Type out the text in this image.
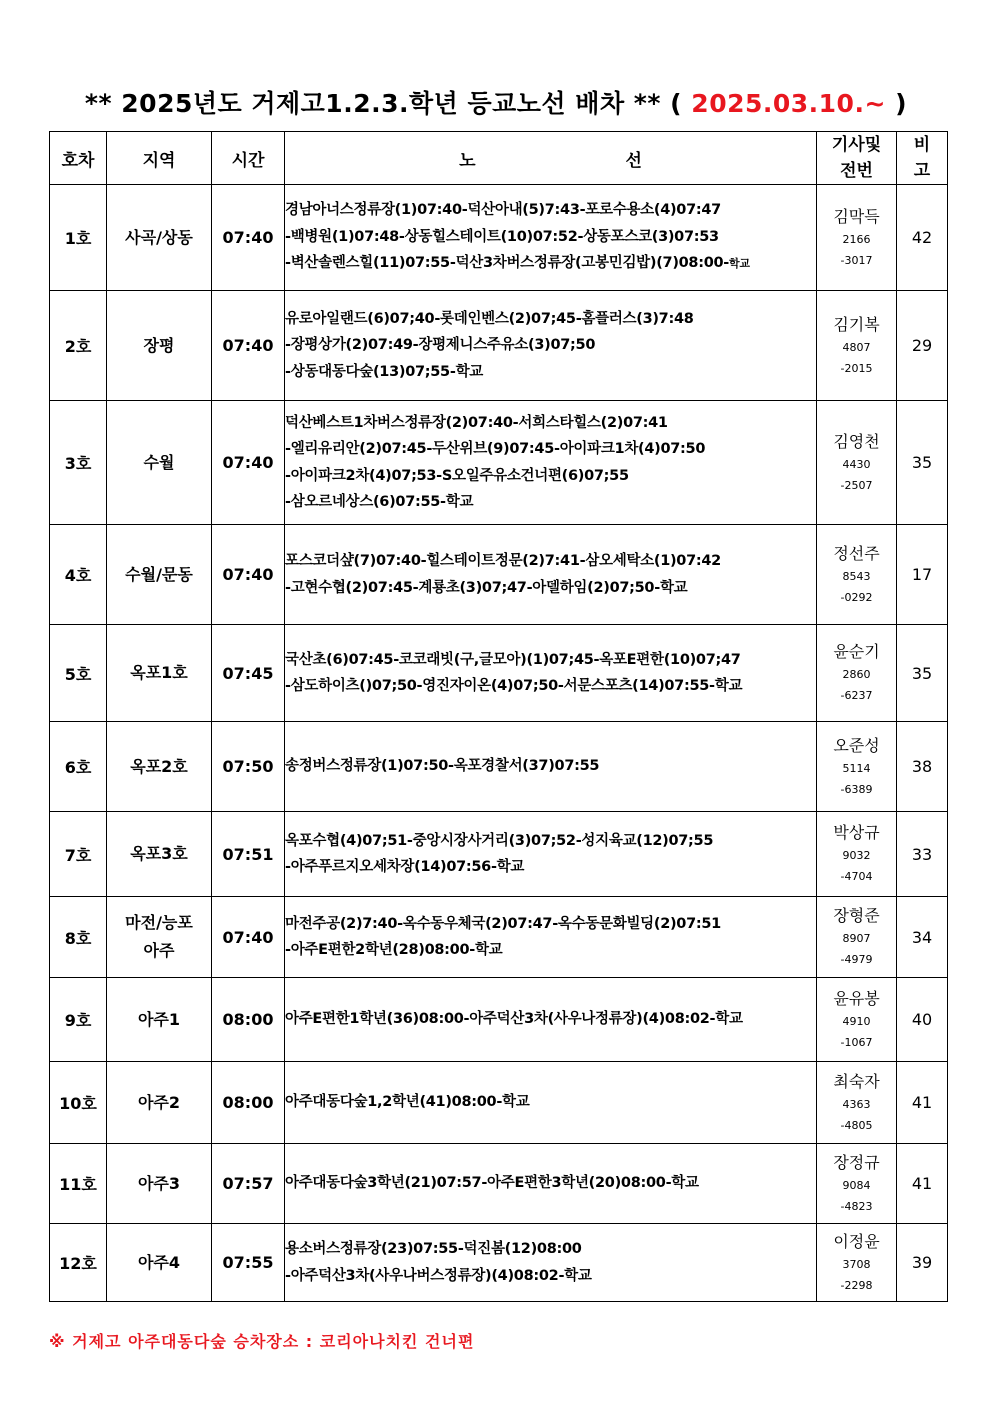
** 2025년도 거제고1.2.3.학년 등교노선 배차 ** ( 2025.03.10.~ )
호차	지역	시간	노 선	기사및
전번	비
고
1호	사곡/상동	07:40	경남아너스정류장(1)07:40-덕산아내(5)7:43-포로수용소(4)07:47
-백병원(1)07:48-상동힐스테이트(10)07:52-상동포스코(3)07:53
-벽산솔렌스힐(11)07:55-덕산3차버스정류장(고봉민김밥)(7)08:00-학교	김막득
2166
-3017	42
2호	장평	07:40	유로아일랜드(6)07;40-롯데인벤스(2)07;45-홈플러스(3)7:48
-장평상가(2)07:49-장평제니스주유소(3)07;50
-상동대동다숲(13)07;55-학교	김기복
4807
-2015	29
3호	수월	07:40	덕산베스트1차버스정류장(2)07:40-서희스타힐스(2)07:41
-엘리유리안(2)07:45-두산위브(9)07:45-아이파크1차(4)07:50
-아이파크2차(4)07;53-S오일주유소건너편(6)07;55
-삼오르네상스(6)07:55-학교	김영천
4430
-2507	35
4호	수월/문동	07:40	포스코더샾(7)07:40-힐스테이트정문(2)7:41-삼오세탁소(1)07:42
-고현수협(2)07:45-계룡초(3)07;47-아델하임(2)07;50-학교	정선주
8543
-0292	17
5호	옥포1호	07:45	국산초(6)07:45-코코래빗(구,글모아)(1)07;45-옥포E편한(10)07;47
-삼도하이츠()07;50-영진자이온(4)07;50-서문스포츠(14)07:55-학교	윤순기
2860
-6237	35
6호	옥포2호	07:50	송정버스정류장(1)07:50-옥포경찰서(37)07:55	오준성
5114
-6389	38
7호	옥포3호	07:51	옥포수협(4)07;51-중앙시장사거리(3)07;52-성지육교(12)07;55
-아주푸르지오세차장(14)07:56-학교	박상규
9032
-4704	33
8호	마전/능포
아주	07:40	마전주공(2)7:40-옥수동우체국(2)07:47-옥수동문화빌딩(2)07:51
-아주E편한2학년(28)08:00-학교	장형준
8907
-4979	34
9호	아주1	08:00	아주E편한1학년(36)08:00-아주덕산3차(사우나정류장)(4)08:02-학교	윤유봉
4910
-1067	40
10호	아주2	08:00	아주대동다숲1,2학년(41)08:00-학교	최숙자
4363
-4805	41
11호	아주3	07:57	아주대동다숲3학년(21)07:57-아주E편한3학년(20)08:00-학교	장정규
9084
-4823	41
12호	아주4	07:55	용소버스정류장(23)07:55-덕진봄(12)08:00
-아주덕산3차(사우나버스정류장)(4)08:02-학교	이정윤
3708
-2298	39
※ 거제고 아주대동다숲 승차장소 : 코리아나치킨 건너편
